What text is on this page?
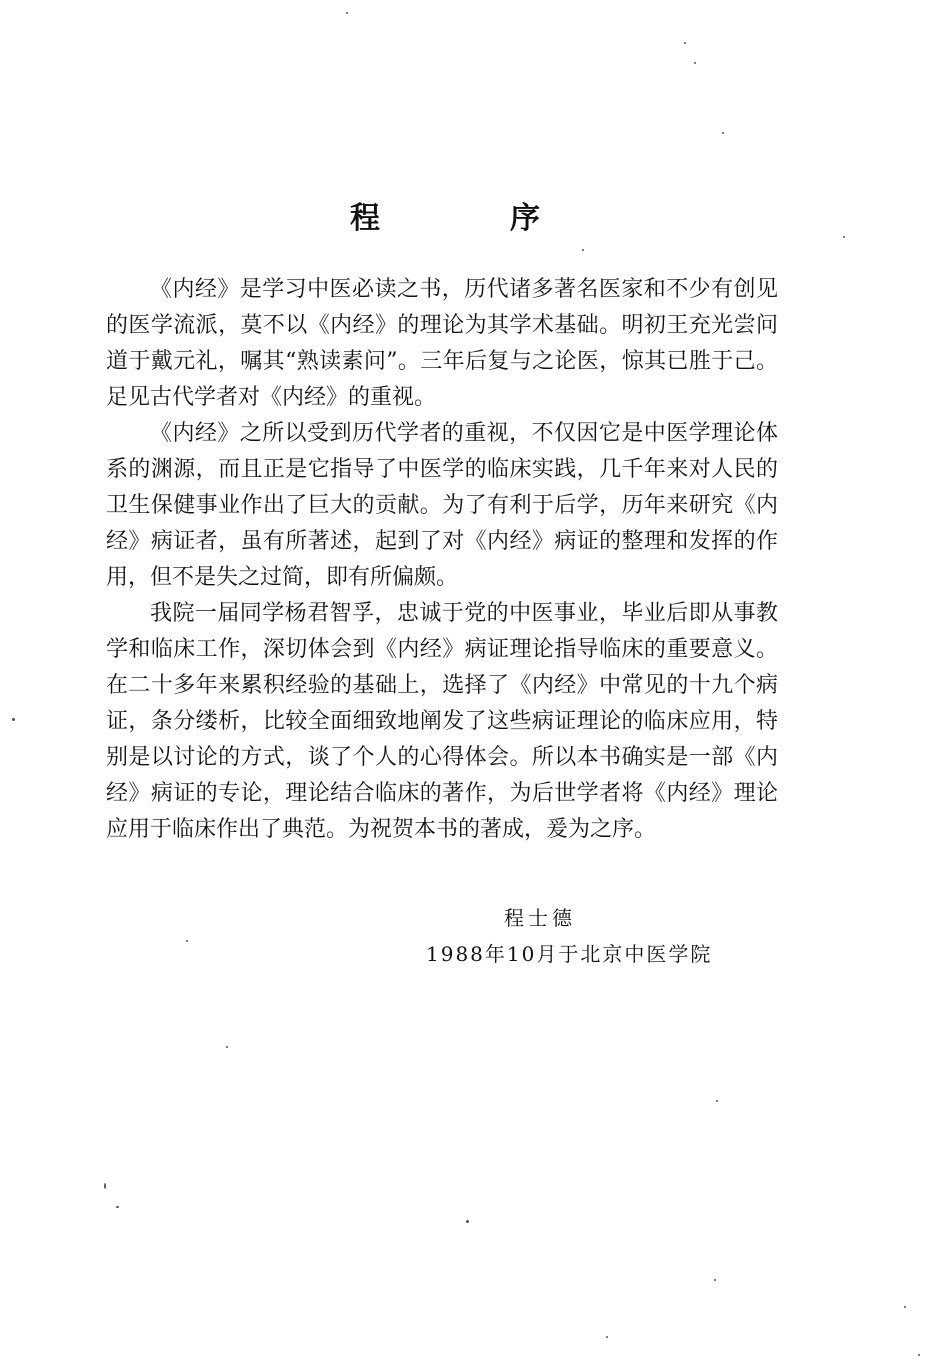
程　序

《内经》是学习中医必读之书，历代诸多著名医家和不少有创见的医学流派，莫不以《内经》的理论为其学术基础。明初王充光尝问道于戴元礼，嘱其“熟读素问”。三年后复与之论医，惊其已胜于己。足见古代学者对《内经》的重视。

《内经》之所以受到历代学者的重视，不仅因它是中医学理论体系的渊源，而且正是它指导了中医学的临床实践，几千年来对人民的卫生保健事业作出了巨大的贡献。为了有利于后学，历年来研究《内经》病证者，虽有所著述，起到了对《内经》病证的整理和发挥的作用，但不是失之过简，即有所偏颇。

我院一届同学杨君智孚，忠诚于党的中医事业，毕业后即从事教学和临床工作，深切体会到《内经》病证理论指导临床的重要意义。在二十多年来累积经验的基础上，选择了《内经》中常见的十九个病证，条分缕析，比较全面细致地阐发了这些病证理论的临床应用，特别是以讨论的方式，谈了个人的心得体会。所以本书确实是一部《内经》病证的专论，理论结合临床的著作，为后世学者将《内经》理论应用于临床作出了典范。为祝贺本书的著成，爰为之序。

程士德
1988年10月于北京中医学院
